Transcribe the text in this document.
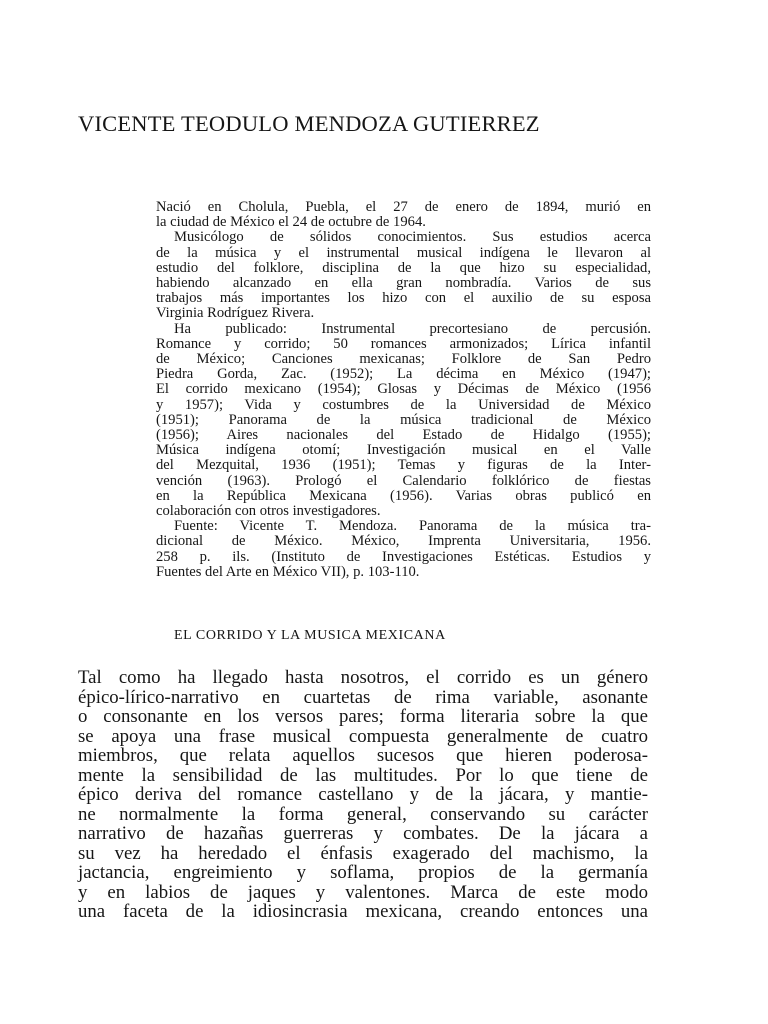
VICENTE TEODULO MENDOZA GUTIERREZ
Nació en Cholula, Puebla, el 27 de enero de 1894, murió en
la ciudad de México el 24 de octubre de 1964.
Musicólogo de sólidos conocimientos. Sus estudios acerca
de la música y el instrumental musical indígena le llevaron al
estudio del folklore, disciplina de la que hizo su especialidad,
habiendo alcanzado en ella gran nombradía. Varios de sus
trabajos más importantes los hizo con el auxilio de su esposa
Virginia Rodríguez Rivera.
Ha publicado: Instrumental precortesiano de percusión.
Romance y corrido; 50 romances armonizados; Lírica infantil
de México; Canciones mexicanas; Folklore de San Pedro
Piedra Gorda, Zac. (1952); La décima en México (1947);
El corrido mexicano (1954); Glosas y Décimas de México (1956
y 1957); Vida y costumbres de la Universidad de México
(1951); Panorama de la música tradicional de México
(1956); Aires nacionales del Estado de Hidalgo (1955);
Música indígena otomí; Investigación musical en el Valle
del Mezquital, 1936 (1951); Temas y figuras de la Inter-
vención (1963). Prologó el Calendario folklórico de fiestas
en la República Mexicana (1956). Varias obras publicó en
colaboración con otros investigadores.
Fuente: Vicente T. Mendoza. Panorama de la música tra-
dicional de México. México, Imprenta Universitaria, 1956.
258 p. ils. (Instituto de Investigaciones Estéticas. Estudios y
Fuentes del Arte en México VII), p. 103-110.
EL CORRIDO Y LA MUSICA MEXICANA
Tal como ha llegado hasta nosotros, el corrido es un género
épico-lírico-narrativo en cuartetas de rima variable, asonante
o consonante en los versos pares; forma literaria sobre la que
se apoya una frase musical compuesta generalmente de cuatro
miembros, que relata aquellos sucesos que hieren poderosa-
mente la sensibilidad de las multitudes. Por lo que tiene de
épico deriva del romance castellano y de la jácara, y mantie-
ne normalmente la forma general, conservando su carácter
narrativo de hazañas guerreras y combates. De la jácara a
su vez ha heredado el énfasis exagerado del machismo, la
jactancia, engreimiento y soflama, propios de la germanía
y en labios de jaques y valentones. Marca de este modo
una faceta de la idiosincrasia mexicana, creando entonces una
